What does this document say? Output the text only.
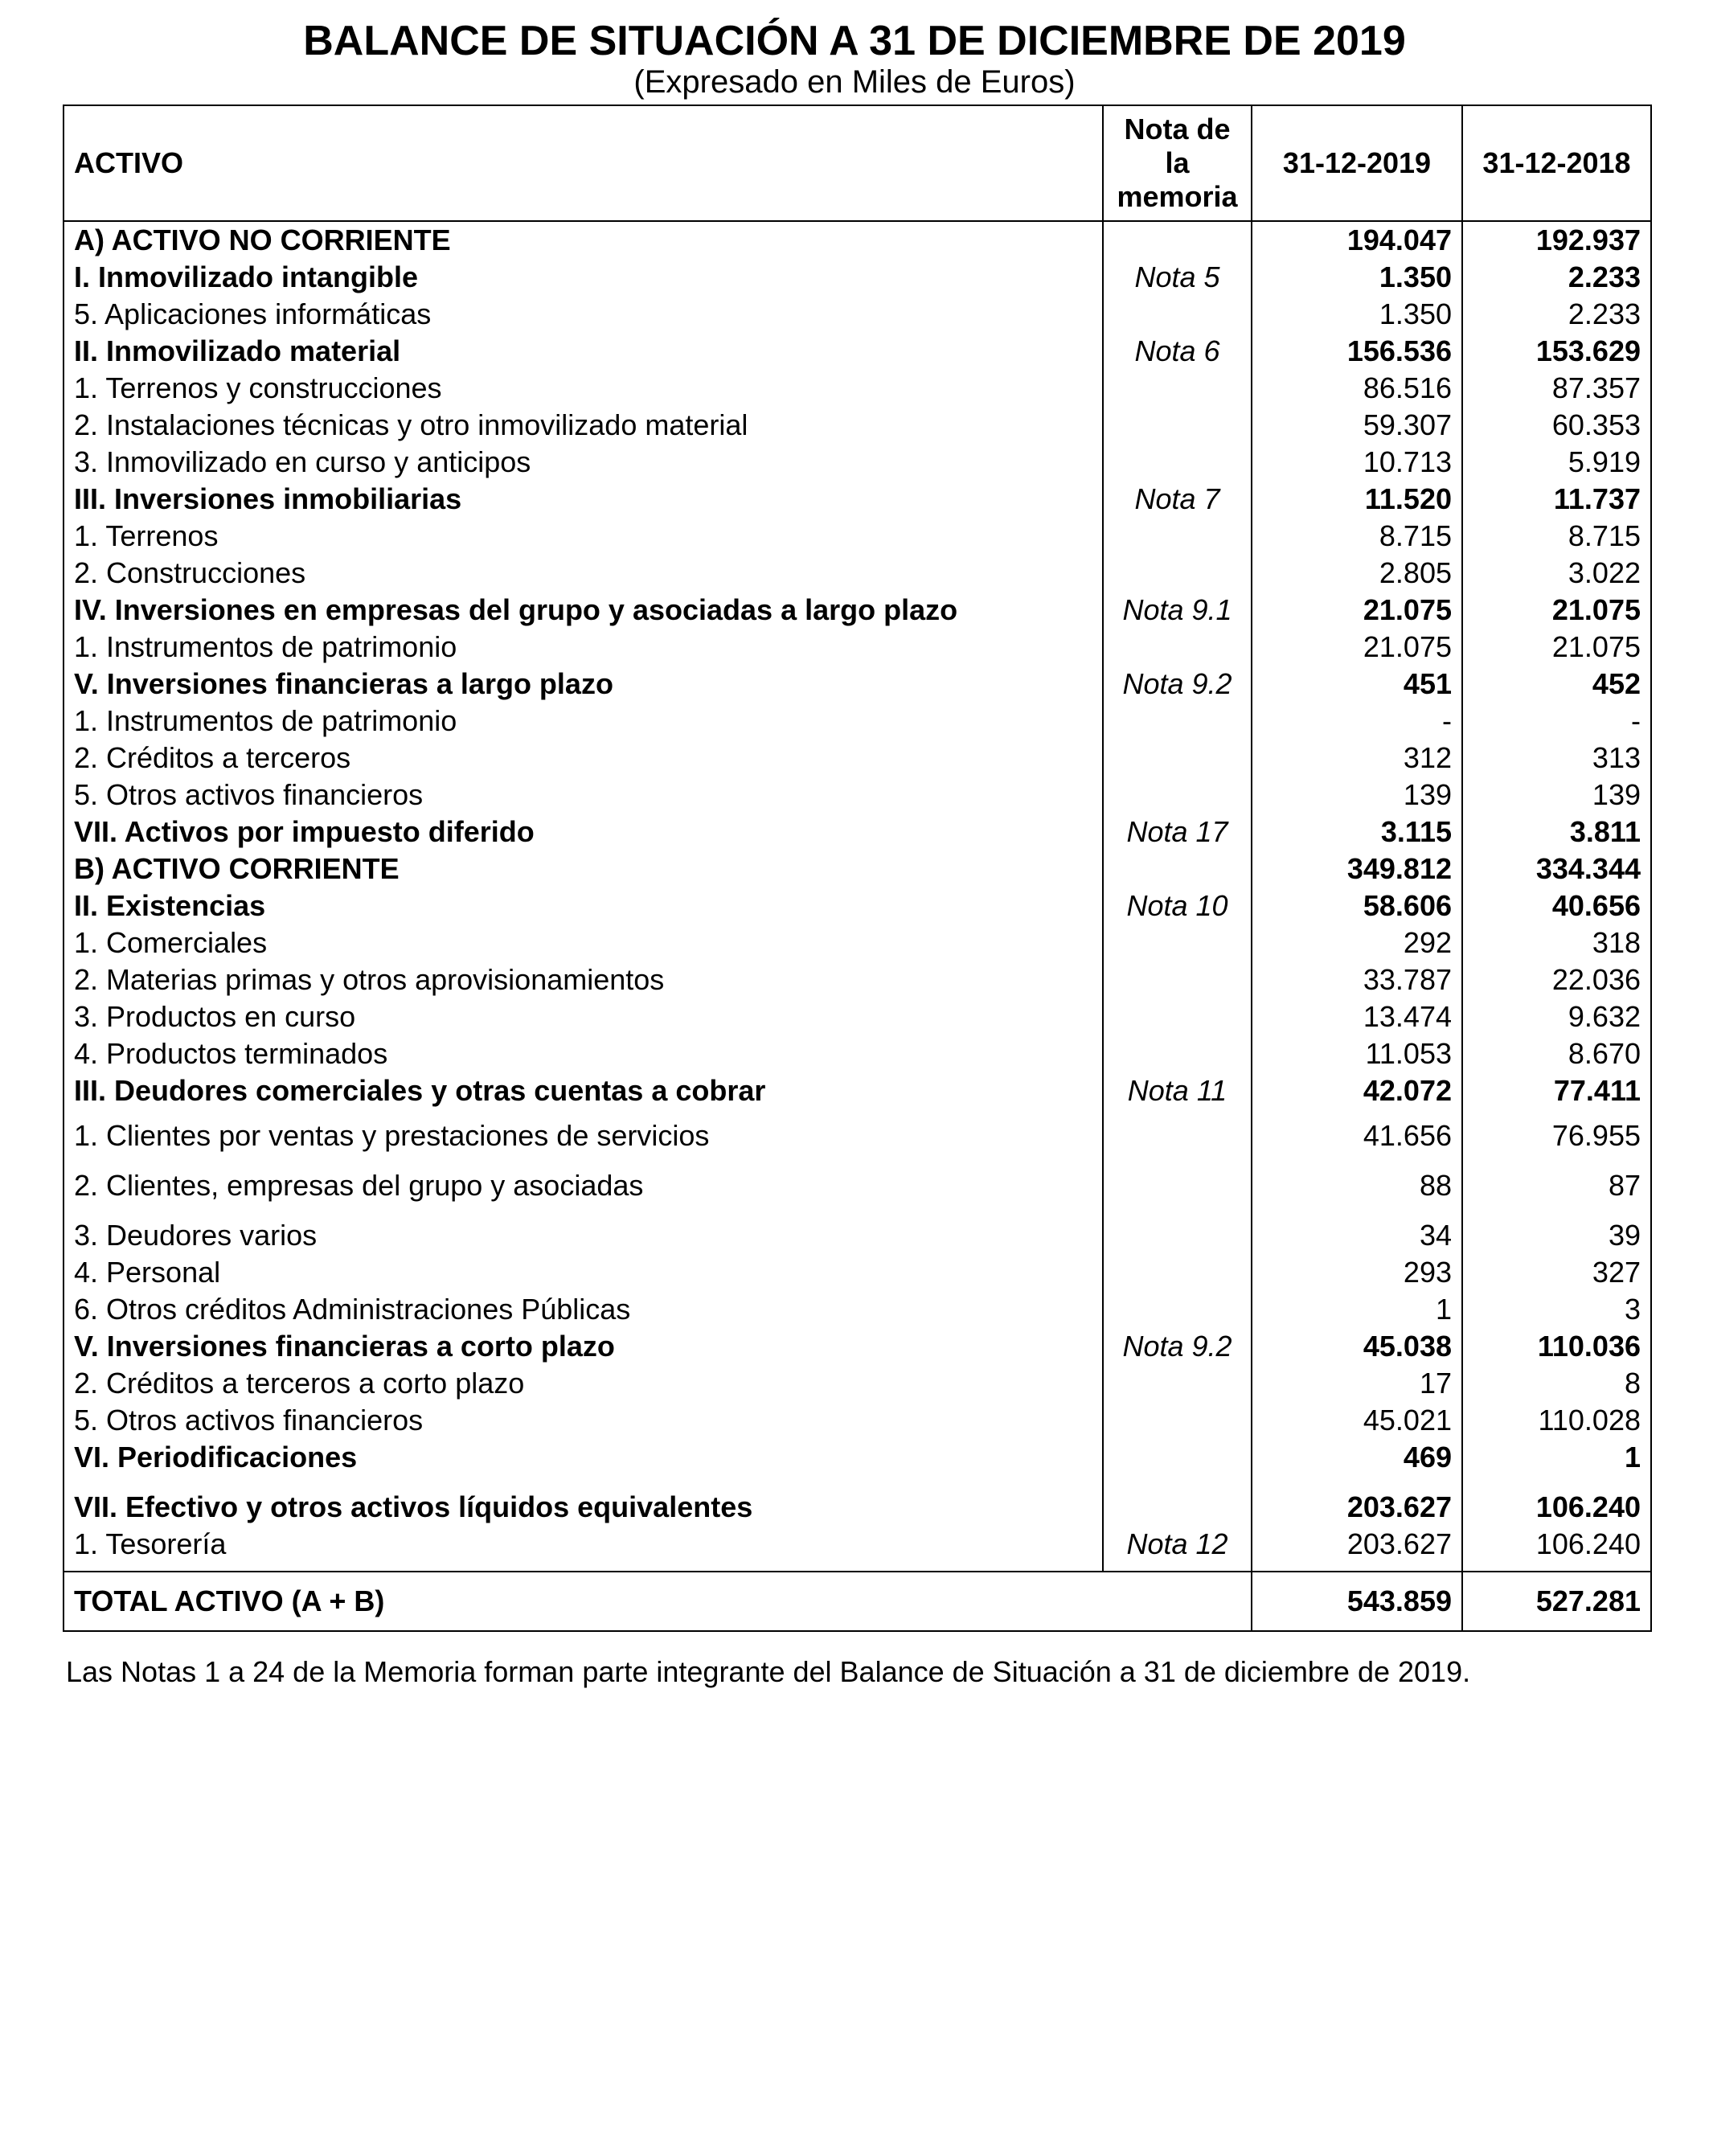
BALANCE DE SITUACIÓN A 31 DE DICIEMBRE DE 2019
(Expresado en Miles de Euros)
ACTIVO	Nota de la memoria	31-12-2019	31-12-2018
A) ACTIVO NO CORRIENTE		194.047	192.937
I. Inmovilizado intangible	Nota 5	1.350	2.233
5. Aplicaciones informáticas		1.350	2.233
II. Inmovilizado material	Nota 6	156.536	153.629
1. Terrenos y construcciones		86.516	87.357
2. Instalaciones técnicas y otro inmovilizado material		59.307	60.353
3. Inmovilizado en curso y anticipos		10.713	5.919
III. Inversiones inmobiliarias	Nota 7	11.520	11.737
1. Terrenos		8.715	8.715
2. Construcciones		2.805	3.022
IV. Inversiones en empresas del grupo y asociadas a largo plazo	Nota 9.1	21.075	21.075
1. Instrumentos de patrimonio		21.075	21.075
V. Inversiones financieras a largo plazo	Nota 9.2	451	452
1. Instrumentos de patrimonio		-	-
2. Créditos a terceros		312	313
5. Otros activos financieros		139	139
VII. Activos por impuesto diferido	Nota 17	3.115	3.811
B) ACTIVO CORRIENTE		349.812	334.344
II. Existencias	Nota 10	58.606	40.656
1. Comerciales		292	318
2. Materias primas y otros aprovisionamientos		33.787	22.036
3. Productos en curso		13.474	9.632
4. Productos terminados		11.053	8.670
III. Deudores comerciales y otras cuentas a cobrar	Nota 11	42.072	77.411
1. Clientes por ventas y prestaciones de servicios		41.656	76.955
2. Clientes, empresas del grupo y asociadas		88	87
3. Deudores varios		34	39
4. Personal		293	327
6. Otros créditos Administraciones Públicas		1	3
V. Inversiones financieras a corto plazo	Nota 9.2	45.038	110.036
2. Créditos a terceros a corto plazo		17	8
5. Otros activos financieros		45.021	110.028
VI. Periodificaciones		469	1
VII. Efectivo y otros activos líquidos equivalentes		203.627	106.240
1. Tesorería	Nota 12	203.627	106.240
TOTAL ACTIVO (A + B)		543.859	527.281
Las Notas 1 a 24 de la Memoria forman parte integrante del Balance de Situación a 31 de diciembre de 2019.
